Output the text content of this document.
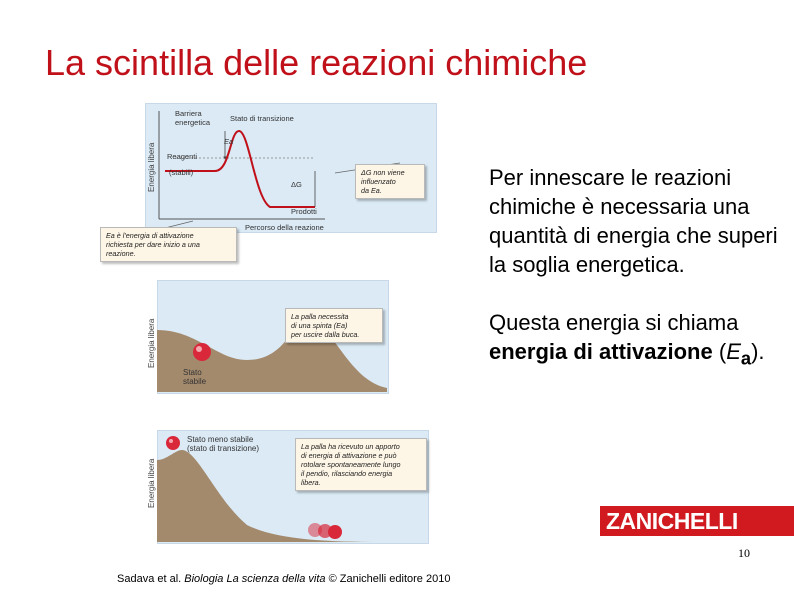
La scintilla delle reazioni chimiche
Energia libera
Barriera
energetica	Stato di transizione
Ea
Reagenti
(stabili)
ΔG
Prodotti
Percorso della reazione
ΔG non viene
influenzato
da Ea.
Ea è l'energia di attivazione
richiesta per dare inizio a una
reazione.
Energia libera
Stato
stabile
La palla necessita
di una spinta (Ea)
per uscire dalla buca.
Energia libera
Stato meno stabile
(stato di transizione)	La palla ha ricevuto un apporto
di energia di attivazione e può
rotolare spontaneamente lungo
il pendio, rilasciando energia
libera.

Per innescare le reazioni chimiche è necessaria una quantità di energia che superi la soglia energetica.

Questa energia si chiama energia di attivazione $(E_a)$.

ZANICHELLI
10
Sadava et al. Biologia La scienza della vita © Zanichelli editore 2010
